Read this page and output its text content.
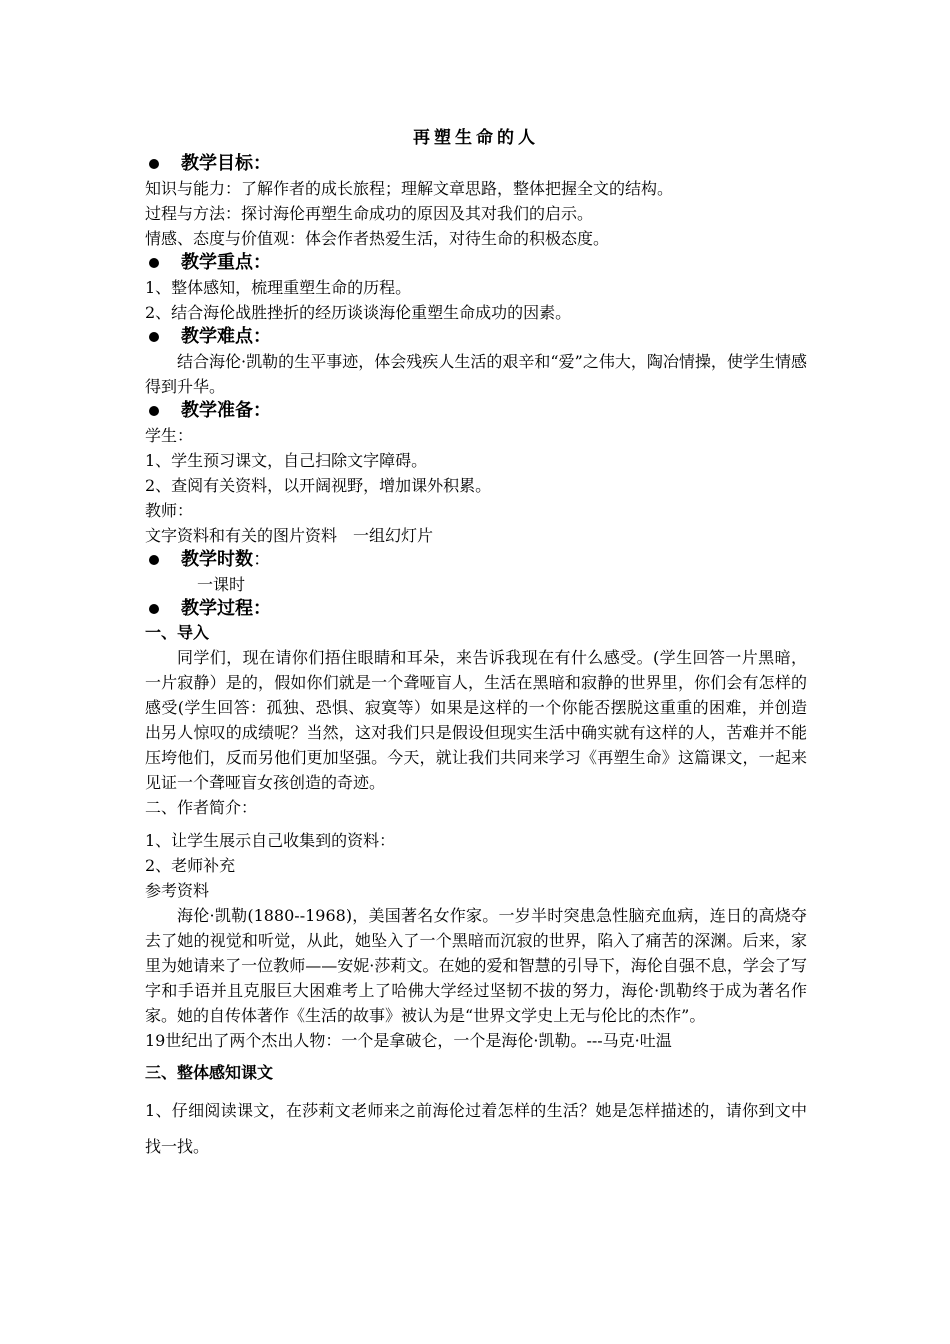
再塑生命的人

教学目标：

知识与能力：了解作者的成长旅程；理解文章思路，整体把握全文的结构。

过程与方法：探讨海伦再塑生命成功的原因及其对我们的启示。

情感、态度与价值观：体会作者热爱生活，对待生命的积极态度。

教学重点：

1、整体感知，梳理重塑生命的历程。

2、结合海伦战胜挫折的经历谈谈海伦重塑生命成功的因素。

教学难点：

结合海伦·凯勒的生平事迹，体会残疾人生活的艰辛和“爱”之伟大，陶冶情操，使学生情感得到升华。

教学准备：

学生：

1、学生预习课文，自己扫除文字障碍。

2、查阅有关资料，以开阔视野，增加课外积累。

教师：

文字资料和有关的图片资料　一组幻灯片

教学时数 ：

一课时

教学过程：

一、导入

同学们，现在请你们捂住眼睛和耳朵，来告诉我现在有什么感受。(学生回答一片黑暗，一片寂静）是的，假如你们就是一个聋哑盲人，生活在黑暗和寂静的世界里，你们会有怎样的感受(学生回答：孤独、恐惧、寂寞等）如果是这样的一个你能否摆脱这重重的困难，并创造出另人惊叹的成绩呢？当然，这对我们只是假设但现实生活中确实就有这样的人，苦难并不能压垮他们，反而另他们更加坚强。今天，就让我们共同来学习《再塑生命》这篇课文，一起来见证一个聋哑盲女孩创造的奇迹。

二、作者简介：

1、让学生展示自己收集到的资料：

2、老师补充

参考资料

海伦·凯勒(1880--1968)，美国著名女作家。一岁半时突患急性脑充血病，连日的高烧夺去了她的视觉和听觉，从此，她坠入了一个黑暗而沉寂的世界，陷入了痛苦的深渊。后来，家里为她请来了一位教师——安妮·莎莉文。在她的爱和智慧的引导下，海伦自强不息，学会了写字和手语并且克服巨大困难考上了哈佛大学经过坚韧不拔的努力，海伦·凯勒终于成为著名作家。她的自传体著作《生活的故事》被认为是“世界文学史上无与伦比的杰作”。

19世纪出了两个杰出人物：一个是拿破仑，一个是海伦·凯勒。---马克·吐温

三、整体感知课文

1、仔细阅读课文，在莎莉文老师来之前海伦过着怎样的生活？她是怎样描述的，请你到文中找一找。
